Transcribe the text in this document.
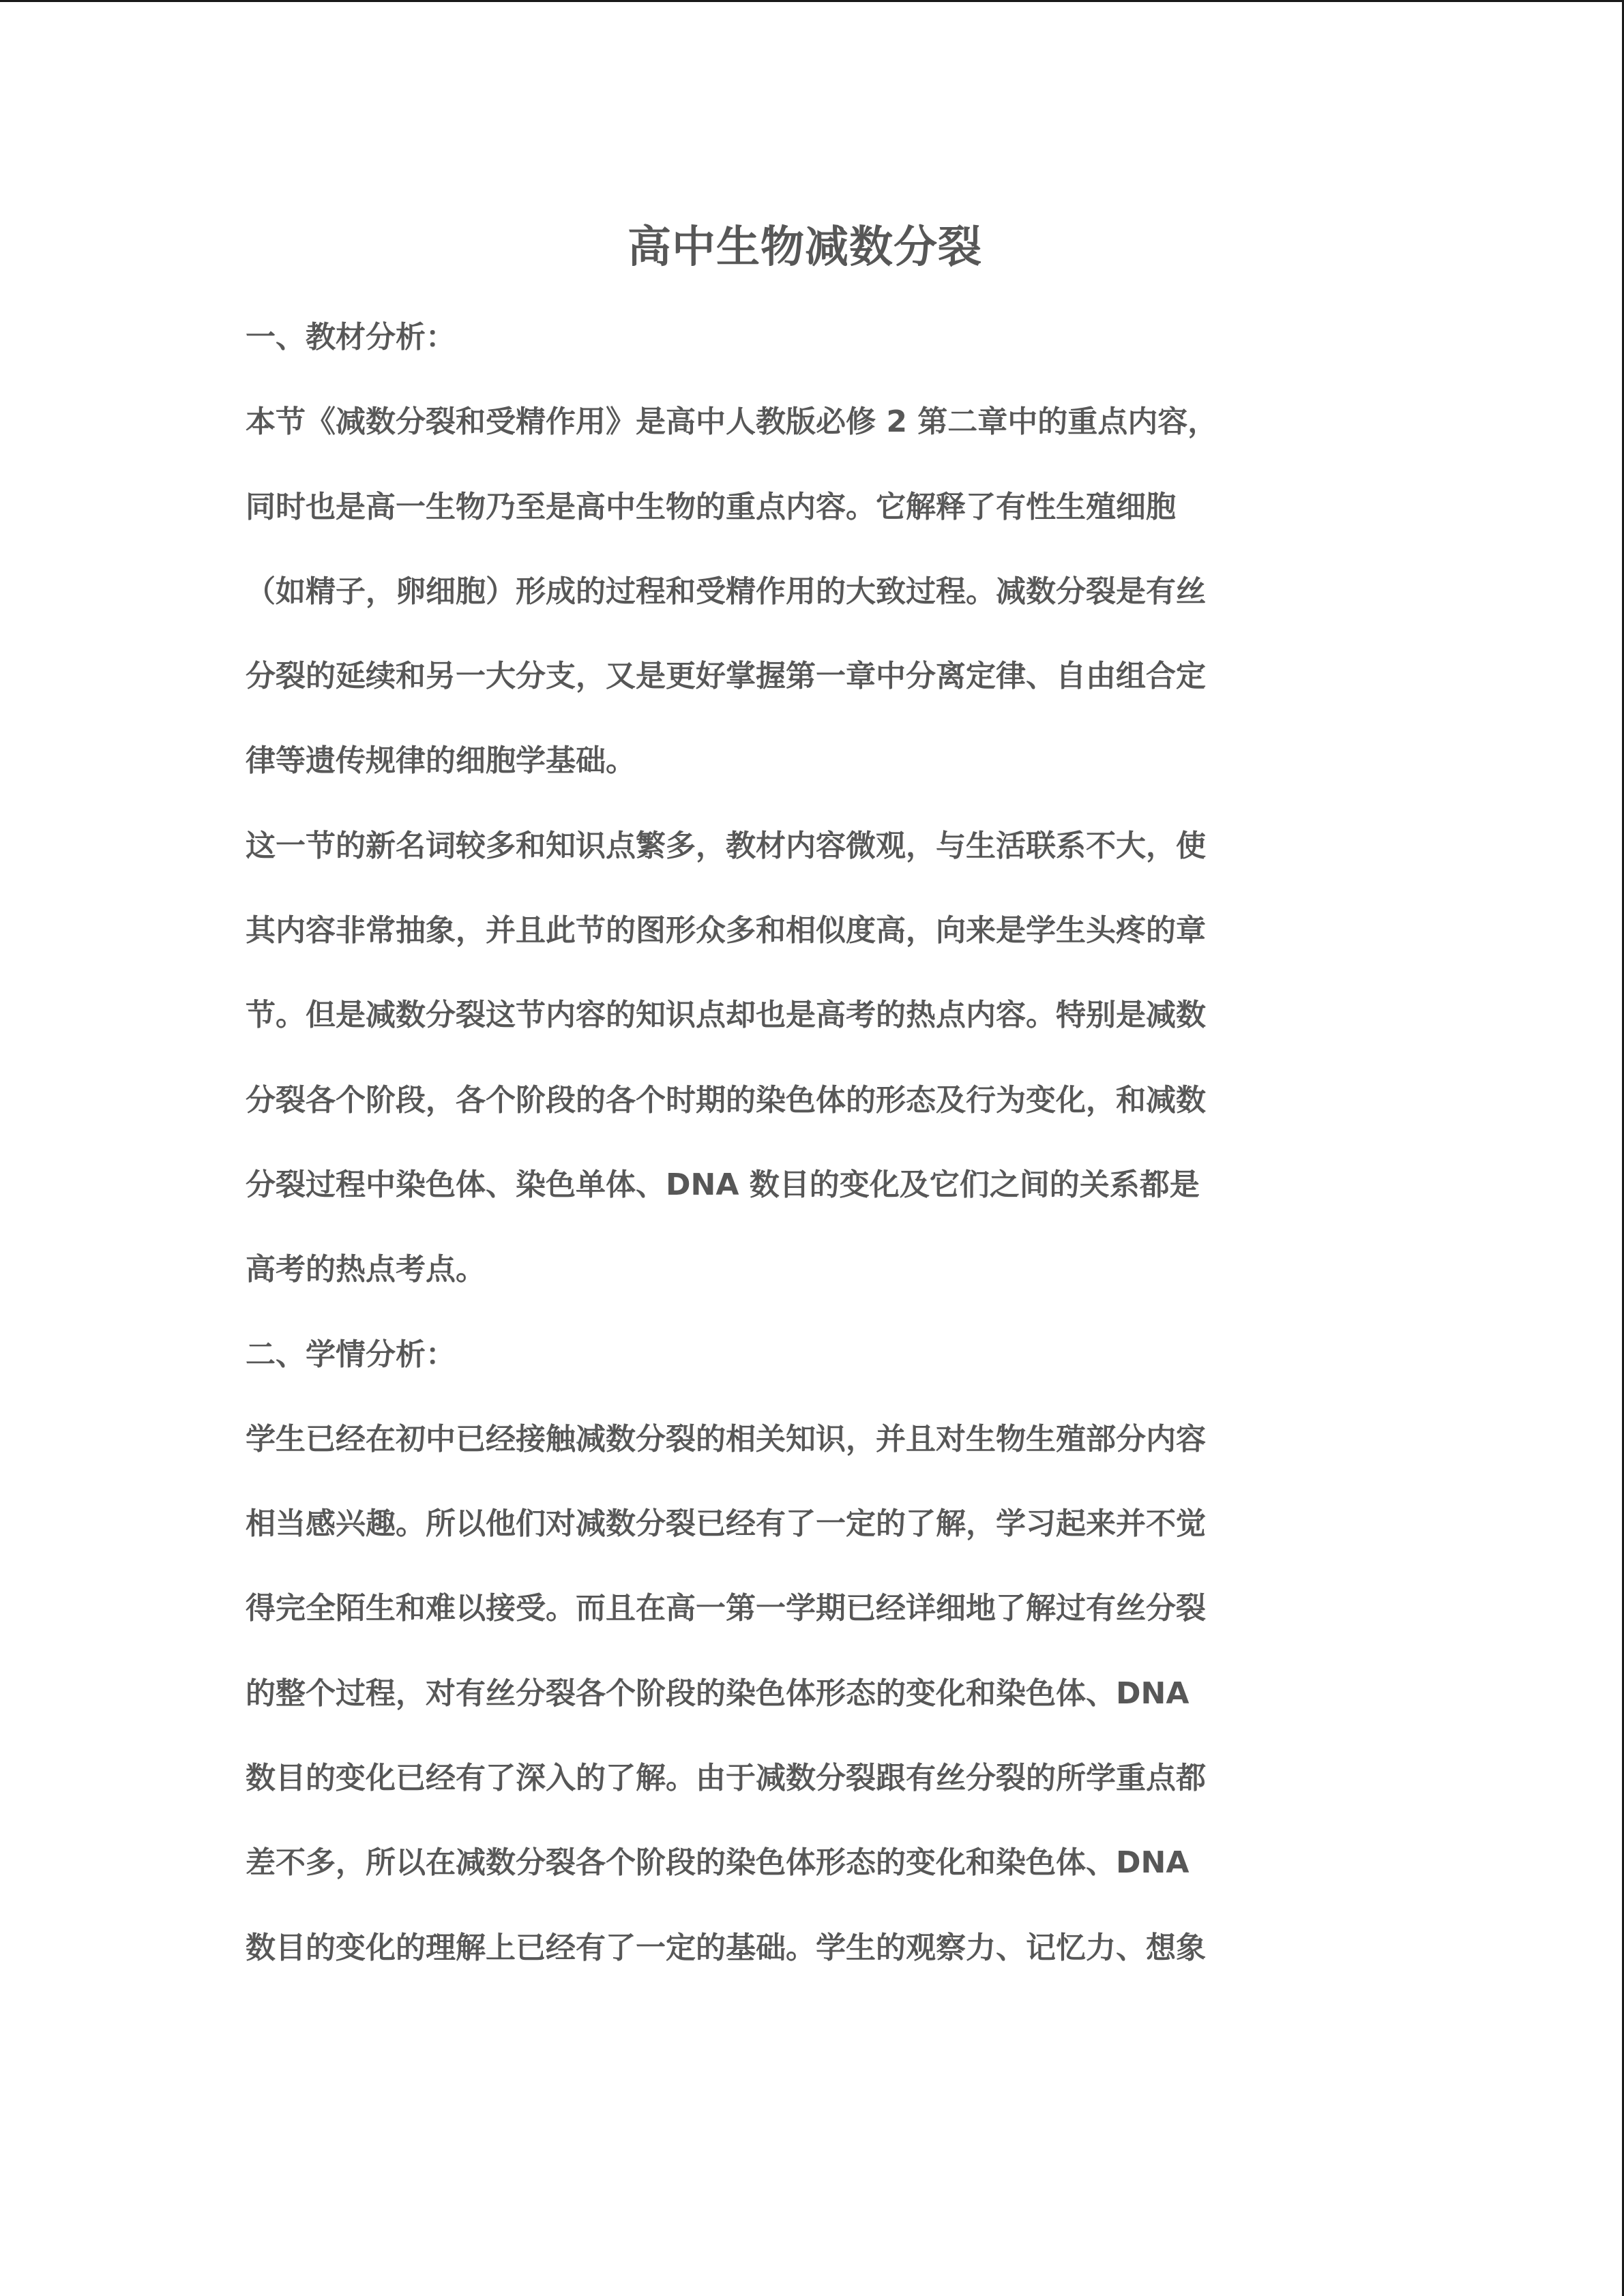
高中生物减数分裂

一、教材分析：

本节《减数分裂和受精作用》是高中人教版必修 2 第二章中的重点内容，

同时也是高一生物乃至是高中生物的重点内容。它解释了有性生殖细胞

（如精子，卵细胞）形成的过程和受精作用的大致过程。减数分裂是有丝

分裂的延续和另一大分支，又是更好掌握第一章中分离定律、自由组合定

律等遗传规律的细胞学基础。

这一节的新名词较多和知识点繁多，教材内容微观，与生活联系不大，使

其内容非常抽象，并且此节的图形众多和相似度高，向来是学生头疼的章

节。但是减数分裂这节内容的知识点却也是高考的热点内容。特别是减数

分裂各个阶段，各个阶段的各个时期的染色体的形态及行为变化，和减数

分裂过程中染色体、染色单体、DNA 数目的变化及它们之间的关系都是

高考的热点考点。

二、学情分析：

学生已经在初中已经接触减数分裂的相关知识，并且对生物生殖部分内容

相当感兴趣。所以他们对减数分裂已经有了一定的了解，学习起来并不觉

得完全陌生和难以接受。而且在高一第一学期已经详细地了解过有丝分裂

的整个过程，对有丝分裂各个阶段的染色体形态的变化和染色体、DNA

数目的变化已经有了深入的了解。由于减数分裂跟有丝分裂的所学重点都

差不多，所以在减数分裂各个阶段的染色体形态的变化和染色体、DNA

数目的变化的理解上已经有了一定的基础。学生的观察力、记忆力、想象
